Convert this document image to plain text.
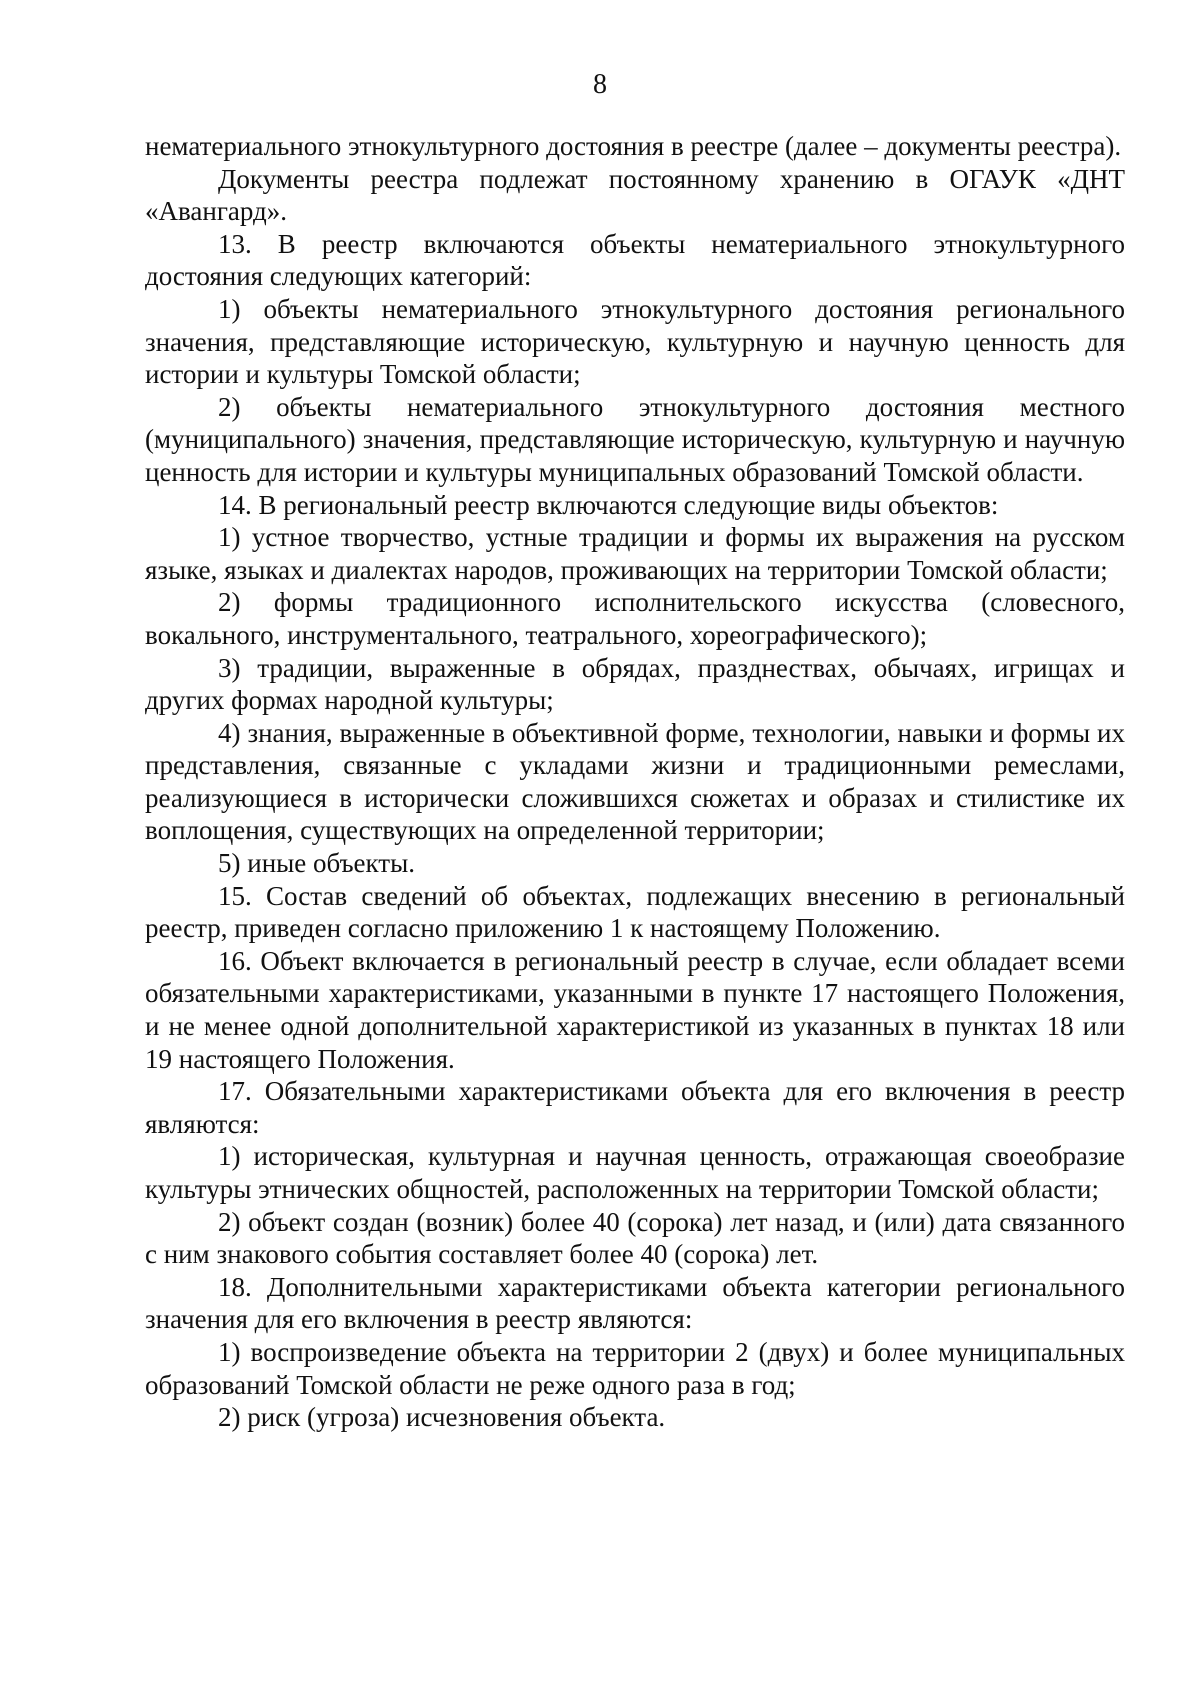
8

нематериального этнокультурного достояния в реестре (далее – документы реестра).

Документы реестра подлежат постоянному хранению в ОГАУК «ДНТ «Авангард».

13. В реестр включаются объекты нематериального этнокультурного достояния следующих категорий:

1) объекты нематериального этнокультурного достояния регионального значения, представляющие историческую, культурную и научную ценность для истории и культуры Томской области;

2) объекты нематериального этнокультурного достояния местного (муниципального) значения, представляющие историческую, культурную и научную ценность для истории и культуры муниципальных образований Томской области.

14. В региональный реестр включаются следующие виды объектов:

1) устное творчество, устные традиции и формы их выражения на русском языке, языках и диалектах народов, проживающих на территории Томской области;

2) формы традиционного исполнительского искусства (словесного, вокального, инструментального, театрального, хореографического);

3) традиции, выраженные в обрядах, празднествах, обычаях, игрищах и других формах народной культуры;

4) знания, выраженные в объективной форме, технологии, навыки и формы их представления, связанные с укладами жизни и традиционными ремеслами, реализующиеся в исторически сложившихся сюжетах и образах и стилистике их воплощения, существующих на определенной территории;

5) иные объекты.

15. Состав сведений об объектах, подлежащих внесению в региональный реестр, приведен согласно приложению 1 к настоящему Положению.

16. Объект включается в региональный реестр в случае, если обладает всеми обязательными характеристиками, указанными в пункте 17 настоящего Положения, и не менее одной дополнительной характеристикой из указанных в пунктах 18 или 19 настоящего Положения.

17. Обязательными характеристиками объекта для его включения в реестр являются:

1) историческая, культурная и научная ценность, отражающая своеобразие культуры этнических общностей, расположенных на территории Томской области;

2) объект создан (возник) более 40 (сорока) лет назад, и (или) дата связанного с ним знакового события составляет более 40 (сорока) лет.

18. Дополнительными характеристиками объекта категории регионального значения для его включения в реестр являются:

1) воспроизведение объекта на территории 2 (двух) и более муниципальных образований Томской области не реже одного раза в год;

2) риск (угроза) исчезновения объекта.
